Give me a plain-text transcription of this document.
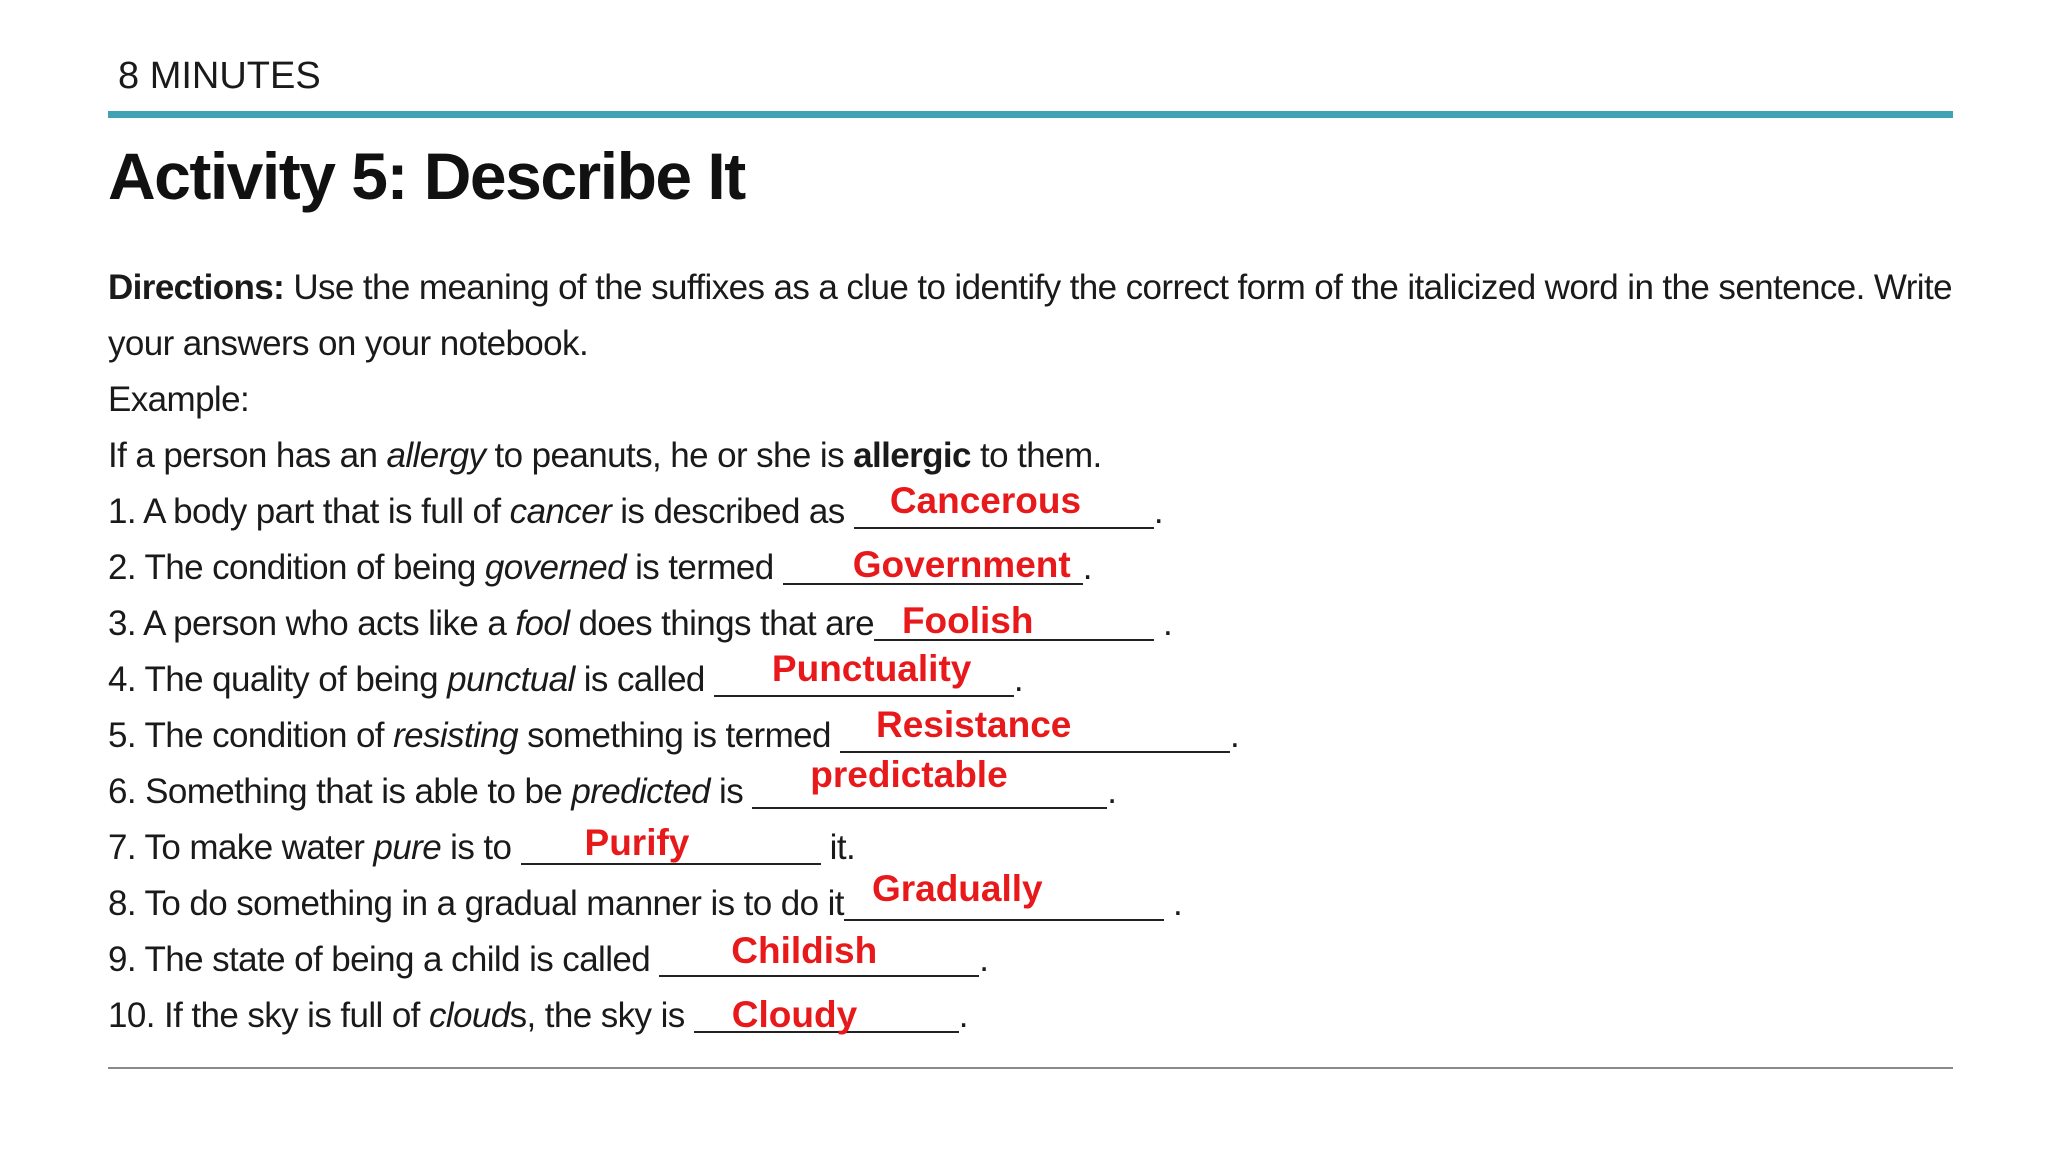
8 MINUTES
Activity 5: Describe It
Directions: Use the meaning of the suffixes as a clue to identify the correct form of the italicized word in the sentence. Write your answers on your notebook.
Example:
If a person has an allergy to peanuts, he or she is allergic to them.
1. A body part that is full of cancer is described as Cancerous .
2. The condition of being governed is termed Government .
3. A person who acts like a fool does things that are Foolish	.
4. The quality of being punctual is called Punctuality .
5. The condition of resisting something is termed Resistance	.
6. Something that is able to be predicted is predictable	.
7. To make water pure is to Purify	it.
8. To do something in a gradual manner is to do it Gradually	.
9. The state of being a child is called Childish	.
10. If the sky is full of clouds, the sky is Cloudy	.
